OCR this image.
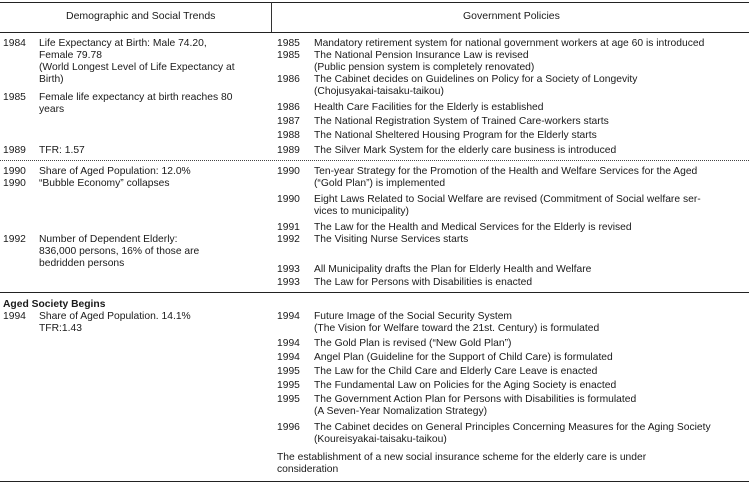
Demographic and Social Trends	Government Policies
Aged Society Begins
1984 Life Expectancy at Birth: Male 74.20,
Female 79.78
(World Longest Level of Life Expectancy at
Birth)
1985 Female life expectancy at birth reaches 80
years
1989 TFR: 1.57
1990 Share of Aged Population: 12.0%
1990 “Bubble Economy” collapses
1992 Number of Dependent Elderly:
836,000 persons, 16% of those are
bedridden persons
1994 Share of Aged Population. 14.1%
TFR:1.43
1985 Mandatory retirement system for national government workers at age 60 is introduced
1985 The National Pension Insurance Law is revised
(Public pension system is completely renovated)
1986 The Cabinet decides on Guidelines on Policy for a Society of Longevity
(Chojusyakai-taisaku-taikou)
1986 Health Care Facilities for the Elderly is established
1987 The National Registration System of Trained Care-workers starts
1988 The National Sheltered Housing Program for the Elderly starts
1989 The Silver Mark System for the elderly care business is introduced
1990 Ten-year Strategy for the Promotion of the Health and Welfare Services for the Aged
(“Gold Plan”) is implemented
1990 Eight Laws Related to Social Welfare are revised (Commitment of Social welfare ser-
vices to municipality)
1991 The Law for the Health and Medical Services for the Elderly is revised
1992 The Visiting Nurse Services starts
1993 All Municipality drafts the Plan for Elderly Health and Welfare
1993 The Law for Persons with Disabilities is enacted
1994 Future Image of the Social Security System
(The Vision for Welfare toward the 21st. Century) is formulated
1994 The Gold Plan is revised (“New Gold Plan”)
1994 Angel Plan (Guideline for the Support of Child Care) is formulated
1995 The Law for the Child Care and Elderly Care Leave is enacted
1995 The Fundamental Law on Policies for the Aging Society is enacted
1995 The Government Action Plan for Persons with Disabilities is formulated
(A Seven-Year Nomalization Strategy)
1996 The Cabinet decides on General Principles Concerning Measures for the Aging Society
(Koureisyakai-taisaku-taikou)
The establishment of a new social insurance scheme for the elderly care is under
consideration
